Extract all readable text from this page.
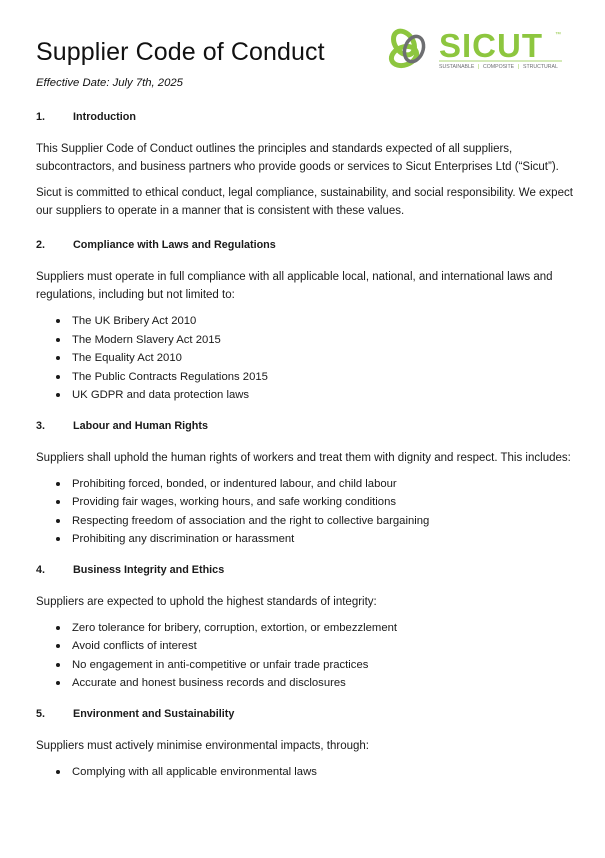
Supplier Code of Conduct
Effective Date: July 7th, 2025
SICUT ™
SUSTAINABLE | COMPOSITE | STRUCTURAL
1.	Introduction

This Supplier Code of Conduct outlines the principles and standards expected of all suppliers, subcontractors, and business partners who provide goods or services to Sicut Enterprises Ltd (“Sicut”).

Sicut is committed to ethical conduct, legal compliance, sustainability, and social responsibility. We expect our suppliers to operate in a manner that is consistent with these values.

2.	Compliance with Laws and Regulations

Suppliers must operate in full compliance with all applicable local, national, and international laws and regulations, including but not limited to:

The UK Bribery Act 2010
The Modern Slavery Act 2015
The Equality Act 2010
The Public Contracts Regulations 2015
UK GDPR and data protection laws
3.	Labour and Human Rights

Suppliers shall uphold the human rights of workers and treat them with dignity and respect. This includes:

Prohibiting forced, bonded, or indentured labour, and child labour
Providing fair wages, working hours, and safe working conditions
Respecting freedom of association and the right to collective bargaining
Prohibiting any discrimination or harassment
4.	Business Integrity and Ethics

Suppliers are expected to uphold the highest standards of integrity:

Zero tolerance for bribery, corruption, extortion, or embezzlement
Avoid conflicts of interest
No engagement in anti-competitive or unfair trade practices
Accurate and honest business records and disclosures
5.	Environment and Sustainability

Suppliers must actively minimise environmental impacts, through:

Complying with all applicable environmental laws
